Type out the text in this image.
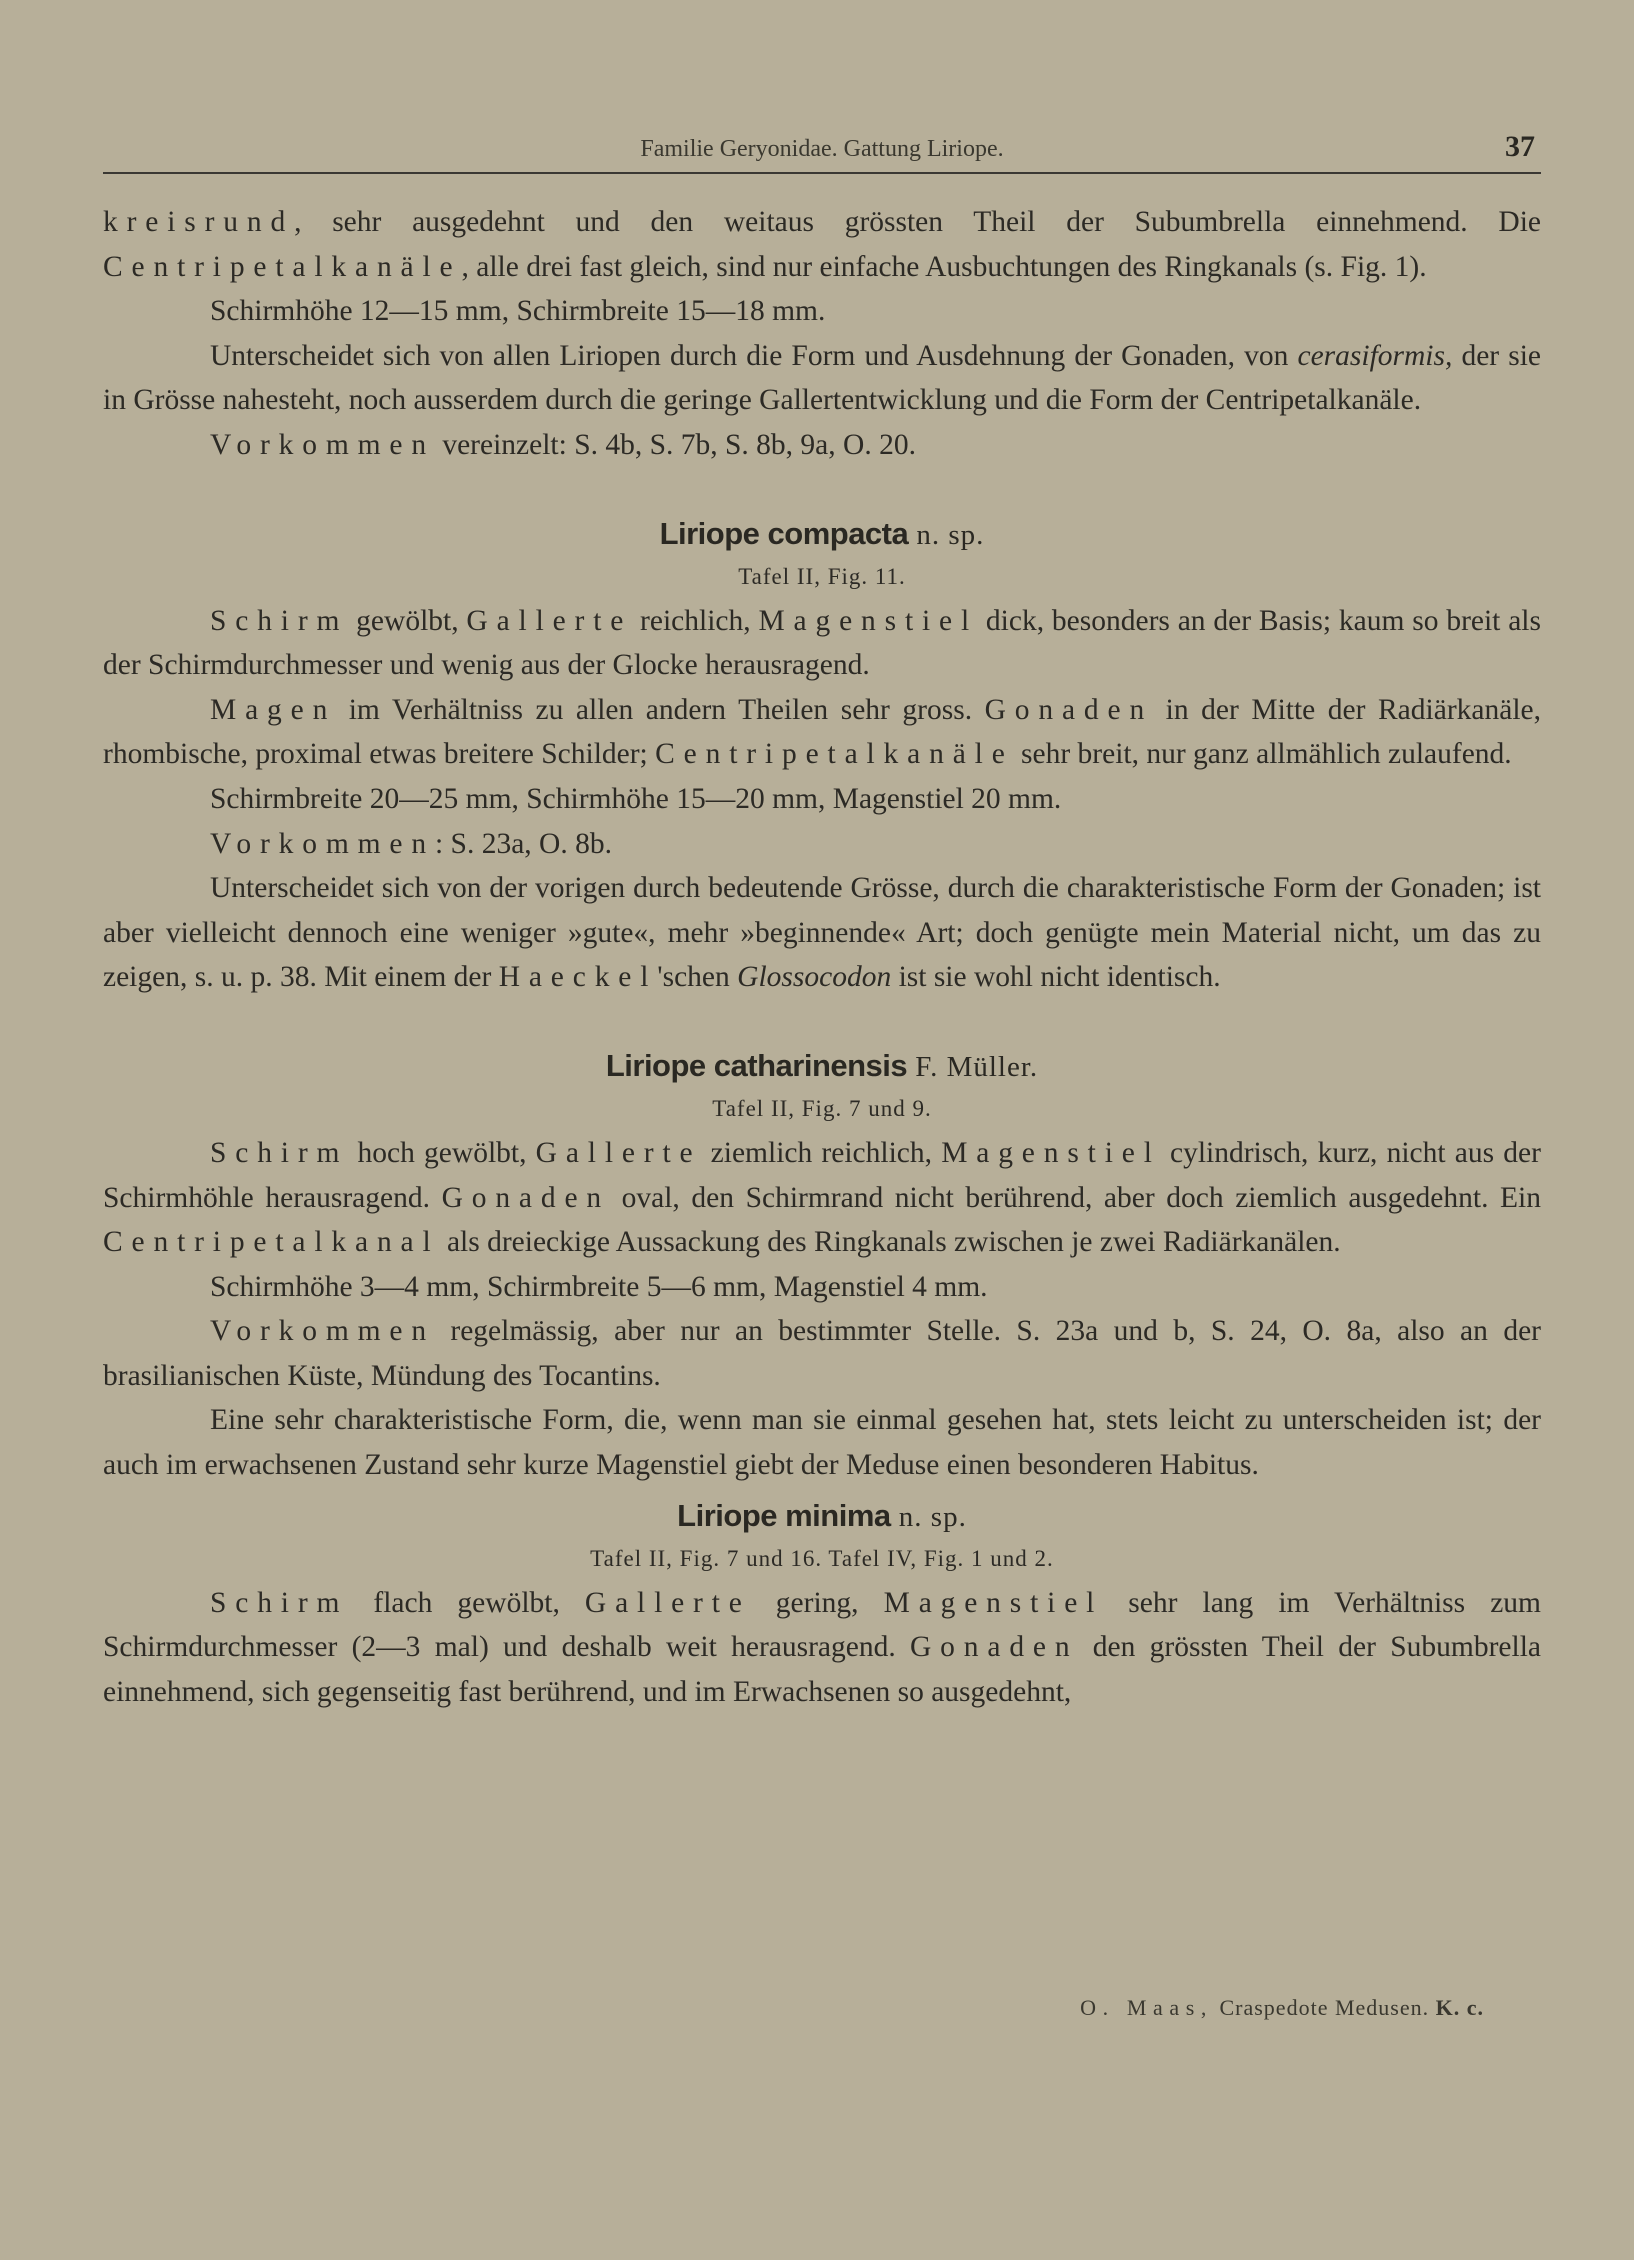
Familie Geryonidae. Gattung Liriope.	37

kreisrund, sehr ausgedehnt und den weitaus grössten Theil der Subumbrella einnehmend. Die Centripetalkanäle, alle drei fast gleich, sind nur einfache Ausbuchtungen des Ringkanals (s. Fig. 1).

Schirmhöhe 12—15 mm, Schirmbreite 15—18 mm.

Unterscheidet sich von allen Liriopen durch die Form und Ausdehnung der Gonaden, von cerasiformis, der sie in Grösse nahesteht, noch ausserdem durch die geringe Gallertentwicklung und die Form der Centripetalkanäle.

Vorkommen vereinzelt: S. 4b, S. 7b, S. 8b, 9a, O. 20.

Liriope compacta n. sp.

Tafel II, Fig. 11.

Schirm gewölbt, Gallerte reichlich, Magenstiel dick, besonders an der Basis; kaum so breit als der Schirmdurchmesser und wenig aus der Glocke herausragend.

Magen im Verhältniss zu allen andern Theilen sehr gross. Gonaden in der Mitte der Radiärkanäle, rhombische, proximal etwas breitere Schilder; Centripetalkanäle sehr breit, nur ganz allmählich zulaufend.

Schirmbreite 20—25 mm, Schirmhöhe 15—20 mm, Magenstiel 20 mm.

Vorkommen: S. 23a, O. 8b.

Unterscheidet sich von der vorigen durch bedeutende Grösse, durch die charakteristische Form der Gonaden; ist aber vielleicht dennoch eine weniger »gute«, mehr »beginnende« Art; doch genügte mein Material nicht, um das zu zeigen, s. u. p. 38. Mit einem der Haeckel'schen Glossocodon ist sie wohl nicht identisch.

Liriope catharinensis F. Müller.

Tafel II, Fig. 7 und 9.

Schirm hoch gewölbt, Gallerte ziemlich reichlich, Magenstiel cylindrisch, kurz, nicht aus der Schirmhöhle herausragend. Gonaden oval, den Schirmrand nicht berührend, aber doch ziemlich ausgedehnt. Ein Centripetalkanal als dreieckige Aussackung des Ringkanals zwischen je zwei Radiärkanälen.

Schirmhöhe 3—4 mm, Schirmbreite 5—6 mm, Magenstiel 4 mm.

Vorkommen regelmässig, aber nur an bestimmter Stelle. S. 23a und b, S. 24, O. 8a, also an der brasilianischen Küste, Mündung des Tocantins.

Eine sehr charakteristische Form, die, wenn man sie einmal gesehen hat, stets leicht zu unterscheiden ist; der auch im erwachsenen Zustand sehr kurze Magenstiel giebt der Meduse einen besonderen Habitus.

Liriope minima n. sp.

Tafel II, Fig. 7 und 16. Tafel IV, Fig. 1 und 2.

Schirm flach gewölbt, Gallerte gering, Magenstiel sehr lang im Verhältniss zum Schirmdurchmesser (2—3 mal) und deshalb weit herausragend. Gonaden den grössten Theil der Subumbrella einnehmend, sich gegenseitig fast berührend, und im Erwachsenen so ausgedehnt,

O. Maas, Craspedote Medusen. K. c.
